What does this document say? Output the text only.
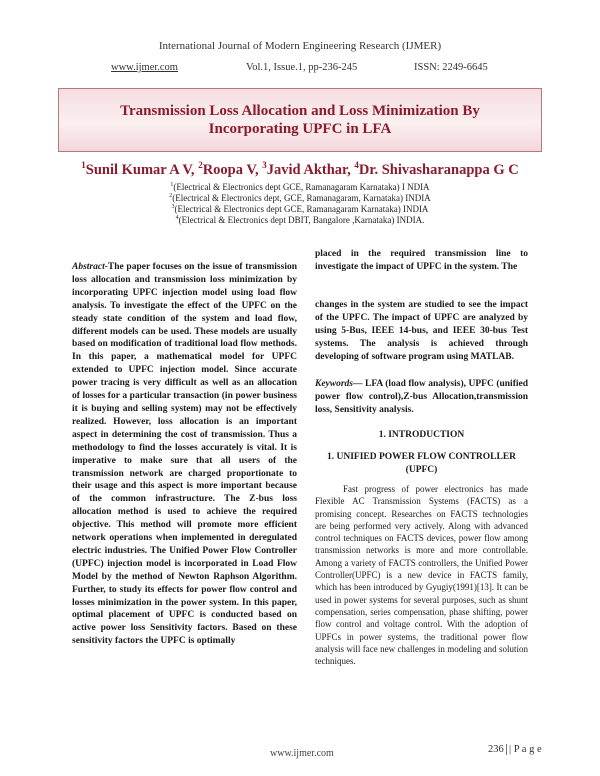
International Journal of Modern Engineering Research (IJMER)
www.ijmer.com	Vol.1, Issue.1, pp-236-245	ISSN: 2249-6645
Transmission Loss Allocation and Loss Minimization By Incorporating UPFC in LFA
$^1$Sunil Kumar A V, $^2$Roopa V, $^3$Javid Akthar, $^4$Dr. Shivasharanappa G C
$^1$(Electrical & Electronics dept GCE, Ramanagaram Karnataka) I NDIA
$^2$(Electrical & Electronics dept, GCE, Ramanagaram, Karnataka) INDIA
$^3$(Electrical & Electronics dept GCE, Ramanagaram Karnataka) INDIA
$^4$(Electrical & Electronics dept DBIT, Bangalore ,Karnataka) INDIA.

Abstract-The paper focuses on the issue of transmission loss allocation and transmission loss minimization by incorporating UPFC injection model using load flow analysis. To investigate the effect of the UPFC on the steady state condition of the system and load flow, different models can be used. These models are usually based on modification of traditional load flow methods. In this paper, a mathematical model for UPFC extended to UPFC injection model. Since accurate power tracing is very difficult as well as an allocation of losses for a particular transaction (in power business it is buying and selling system) may not be effectively realized. However, loss allocation is an important aspect in determining the cost of transmission. Thus a methodology to find the losses accurately is vital. It is imperative to make sure that all users of the transmission network are charged proportionate to their usage and this aspect is more important because of the common infrastructure. The Z-bus loss allocation method is used to achieve the required objective. This method will promote more efficient network operations when implemented in deregulated electric industries. The Unified Power Flow Controller (UPFC) injection model is incorporated in Load Flow Model by the method of Newton Raphson Algorithm. Further, to study its effects for power flow control and losses minimization in the power system. In this paper, optimal placement of UPFC is conducted based on active power loss Sensitivity factors. Based on these sensitivity factors the UPFC is optimally

placed in the required transmission line to investigate the impact of UPFC in the system. The

changes in the system are studied to see the impact of the UPFC. The impact of UPFC are analyzed by using 5-Bus, IEEE 14-bus, and IEEE 30-bus Test systems. The analysis is achieved through developing of software program using MATLAB.

Keywords— LFA (load flow analysis), UPFC (unified power flow control),Z-bus Allocation,transmission loss, Sensitivity analysis.

1. INTRODUCTION
1. UNIFIED POWER FLOW CONTROLLER (UPFC)

Fast progress of power electronics has made Flexible AC Transmission Systems (FACTS) as a promising concept. Researches on FACTS technologies are being performed very actively. Along with advanced control techniques on FACTS devices, power flow among transmission networks is more and more controllable. Among a variety of FACTS controllers, the Unified Power Controller(UPFC) is a new device in FACTS family, which has been introduced by Gyugiy(1991)[13]. It can be used in power systems for several purposes, such as shunt compensation, series compensation, phase shifting, power flow control and voltage control. With the adoption of UPFCs in power systems, the traditional power flow analysis will face new challenges in modeling and solution techniques.

www.ijmer.com	236 | P a g e
